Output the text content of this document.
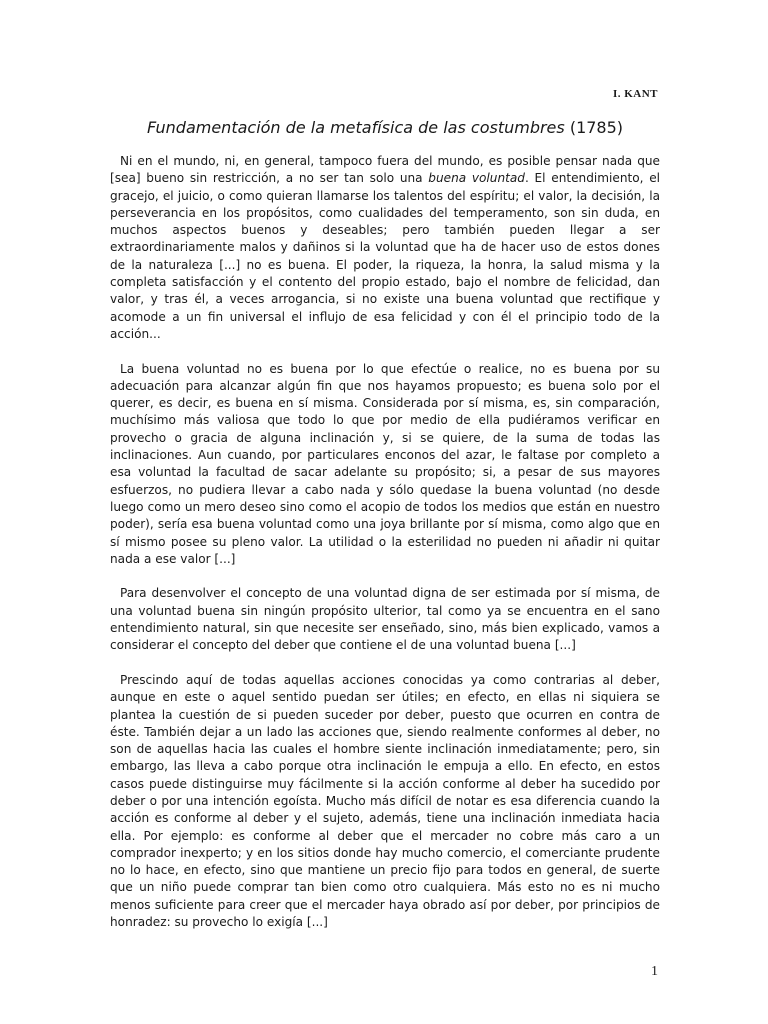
I. KANT
Fundamentación de la metafísica de las costumbres (1785)

Ni en el mundo, ni, en general, tampoco fuera del mundo, es posible pensar nada que [sea] bueno sin restricción, a no ser tan solo una buena voluntad. El entendimiento, el gracejo, el juicio, o como quieran llamarse los talentos del espíritu; el valor, la decisión, la perseverancia en los propósitos, como cualidades del temperamento, son sin duda, en muchos aspectos buenos y deseables; pero también pueden llegar a ser extraordinariamente malos y dañinos si la voluntad que ha de hacer uso de estos dones de la naturaleza [...] no es buena. El poder, la riqueza, la honra, la salud misma y la completa satisfacción y el contento del propio estado, bajo el nombre de felicidad, dan valor, y tras él, a veces arrogancia, si no existe una buena voluntad que rectifique y acomode a un fin universal el influjo de esa felicidad y con él el principio todo de la acción...

La buena voluntad no es buena por lo que efectúe o realice, no es buena por su adecuación para alcanzar algún fin que nos hayamos propuesto; es buena solo por el querer, es decir, es buena en sí misma. Considerada por sí misma, es, sin comparación, muchísimo más valiosa que todo lo que por medio de ella pudiéramos verificar en provecho o gracia de alguna inclinación y, si se quiere, de la suma de todas las inclinaciones. Aun cuando, por particulares enconos del azar, le faltase por completo a esa voluntad la facultad de sacar adelante su propósito; si, a pesar de sus mayores esfuerzos, no pudiera llevar a cabo nada y sólo quedase la buena voluntad (no desde luego como un mero deseo sino como el acopio de todos los medios que están en nuestro poder), sería esa buena voluntad como una joya brillante por sí misma, como algo que en sí mismo posee su pleno valor. La utilidad o la esterilidad no pueden ni añadir ni quitar nada a ese valor [...]

Para desenvolver el concepto de una voluntad digna de ser estimada por sí misma, de una voluntad buena sin ningún propósito ulterior, tal como ya se encuentra en el sano entendimiento natural, sin que necesite ser enseñado, sino, más bien explicado, vamos a considerar el concepto del deber que contiene el de una voluntad buena [...]

Prescindo aquí de todas aquellas acciones conocidas ya como contrarias al deber, aunque en este o aquel sentido puedan ser útiles; en efecto, en ellas ni siquiera se plantea la cuestión de si pueden suceder por deber, puesto que ocurren en contra de éste. También dejar a un lado las acciones que, siendo realmente conformes al deber, no son de aquellas hacia las cuales el hombre siente inclinación inmediatamente; pero, sin embargo, las lleva a cabo porque otra inclinación le empuja a ello. En efecto, en estos casos puede distinguirse muy fácilmente si la acción conforme al deber ha sucedido por deber o por una intención egoísta. Mucho más difícil de notar es esa diferencia cuando la acción es conforme al deber y el sujeto, además, tiene una inclinación inmediata hacia ella. Por ejemplo: es conforme al deber que el mercader no cobre más caro a un comprador inexperto; y en los sitios donde hay mucho comercio, el comerciante prudente no lo hace, en efecto, sino que mantiene un precio fijo para todos en general, de suerte que un niño puede comprar tan bien como otro cualquiera. Más esto no es ni mucho menos suficiente para creer que el mercader haya obrado así por deber, por principios de honradez: su provecho lo exigía [...]

1
